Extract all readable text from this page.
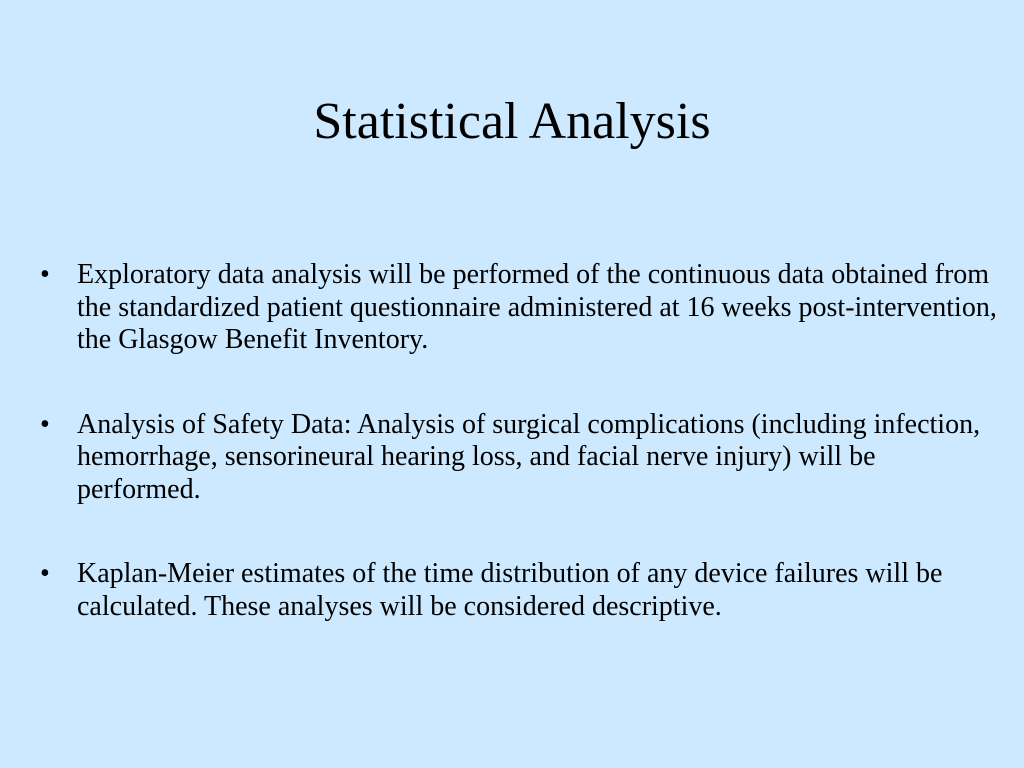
Statistical Analysis
• Exploratory data analysis will be performed of the continuous data obtained from the standardized patient questionnaire administered at 16 weeks post-intervention, the Glasgow Benefit Inventory.
• Analysis of Safety Data: Analysis of surgical complications (including infection, hemorrhage, sensorineural hearing loss, and facial nerve injury) will be performed.
• Kaplan-Meier estimates of the time distribution of any device failures will be calculated. These analyses will be considered descriptive.
